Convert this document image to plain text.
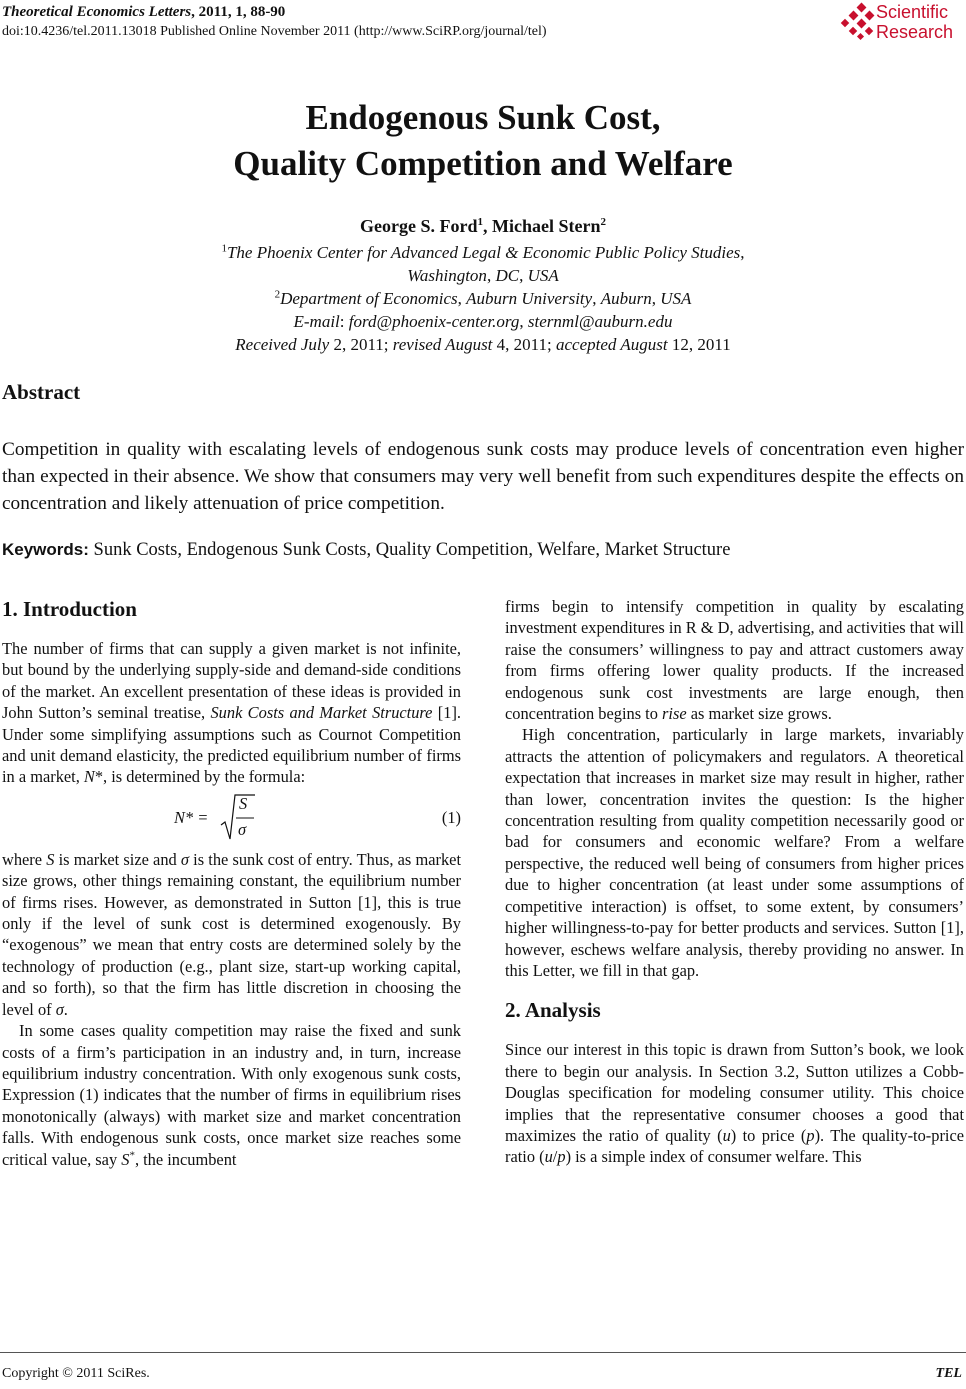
Theoretical Economics Letters, 2011, 1, 88-90
doi:10.4236/tel.2011.13018 Published Online November 2011 (http://www.SciRP.org/journal/tel)
Scientific
Research
Endogenous Sunk Cost,
Quality Competition and Welfare
George S. Ford$^1$, Michael Stern$^2$
$^1$The Phoenix Center for Advanced Legal & Economic Public Policy Studies,
Washington, DC, USA
$^2$Department of Economics, Auburn University, Auburn, USA
E-mail: ford@phoenix-center.org, sternml@auburn.edu
Received July 2, 2011; revised August 4, 2011; accepted August 12, 2011
Abstract
Competition in quality with escalating levels of endogenous sunk costs may produce levels of concentration even higher than expected in their absence. We show that consumers may very well benefit from such expenditures despite the effects on concentration and likely attenuation of price competition.
Keywords: Sunk Costs, Endogenous Sunk Costs, Quality Competition, Welfare, Market Structure
1. Introduction

The number of firms that can supply a given market is not infinite, but bound by the underlying supply-side and demand-side conditions of the market. An excellent presentation of these ideas is provided in John Sutton’s seminal treatise, Sunk Costs and Market Structure [1]. Under some simplifying assumptions such as Cournot Competition and unit demand elasticity, the predicted equilibrium number of firms in a market, N*, is determined by the formula:

N* =
S
σ
(1)

where S is market size and σ is the sunk cost of entry. Thus, as market size grows, other things remaining constant, the equilibrium number of firms rises. However, as demonstrated in Sutton [1], this is true only if the level of sunk cost is determined exogenously. By “exogenous” we mean that entry costs are determined solely by the technology of production (e.g., plant size, start-up working capital, and so forth), so that the firm has little discretion in choosing the level of σ.

In some cases quality competition may raise the fixed and sunk costs of a firm’s participation in an industry and, in turn, increase equilibrium industry concentration. With only exogenous sunk costs, Expression (1) indicates that the number of firms in equilibrium rises monotonically (always) with market size and market concentration falls. With endogenous sunk costs, once market size reaches some critical value, say S*, the incumbent

firms begin to intensify competition in quality by escalating investment expenditures in R & D, advertising, and activities that will raise the consumers’ willingness to pay and attract customers away from firms offering lower quality products. If the increased endogenous sunk cost investments are large enough, then concentration begins to rise as market size grows.

High concentration, particularly in large markets, invariably attracts the attention of policymakers and regulators. A theoretical expectation that increases in market size may result in higher, rather than lower, concentration invites the question: Is the higher concentration resulting from quality competition necessarily good or bad for consumers and economic welfare? From a welfare perspective, the reduced well being of consumers from higher prices due to higher concentration (at least under some assumptions of competitive interaction) is offset, to some extent, by consumers’ higher willingness-to-pay for better products and services. Sutton [1], however, eschews welfare analysis, thereby providing no answer. In this Letter, we fill in that gap.

2. Analysis

Since our interest in this topic is drawn from Sutton’s book, we look there to begin our analysis. In Section 3.2, Sutton utilizes a Cobb-Douglas specification for modeling consumer utility. This choice implies that the representative consumer chooses a good that maximizes the ratio of quality (u) to price (p). The quality-to-price ratio (u/p) is a simple index of consumer welfare. This

Copyright © 2011 SciRes.	TEL
